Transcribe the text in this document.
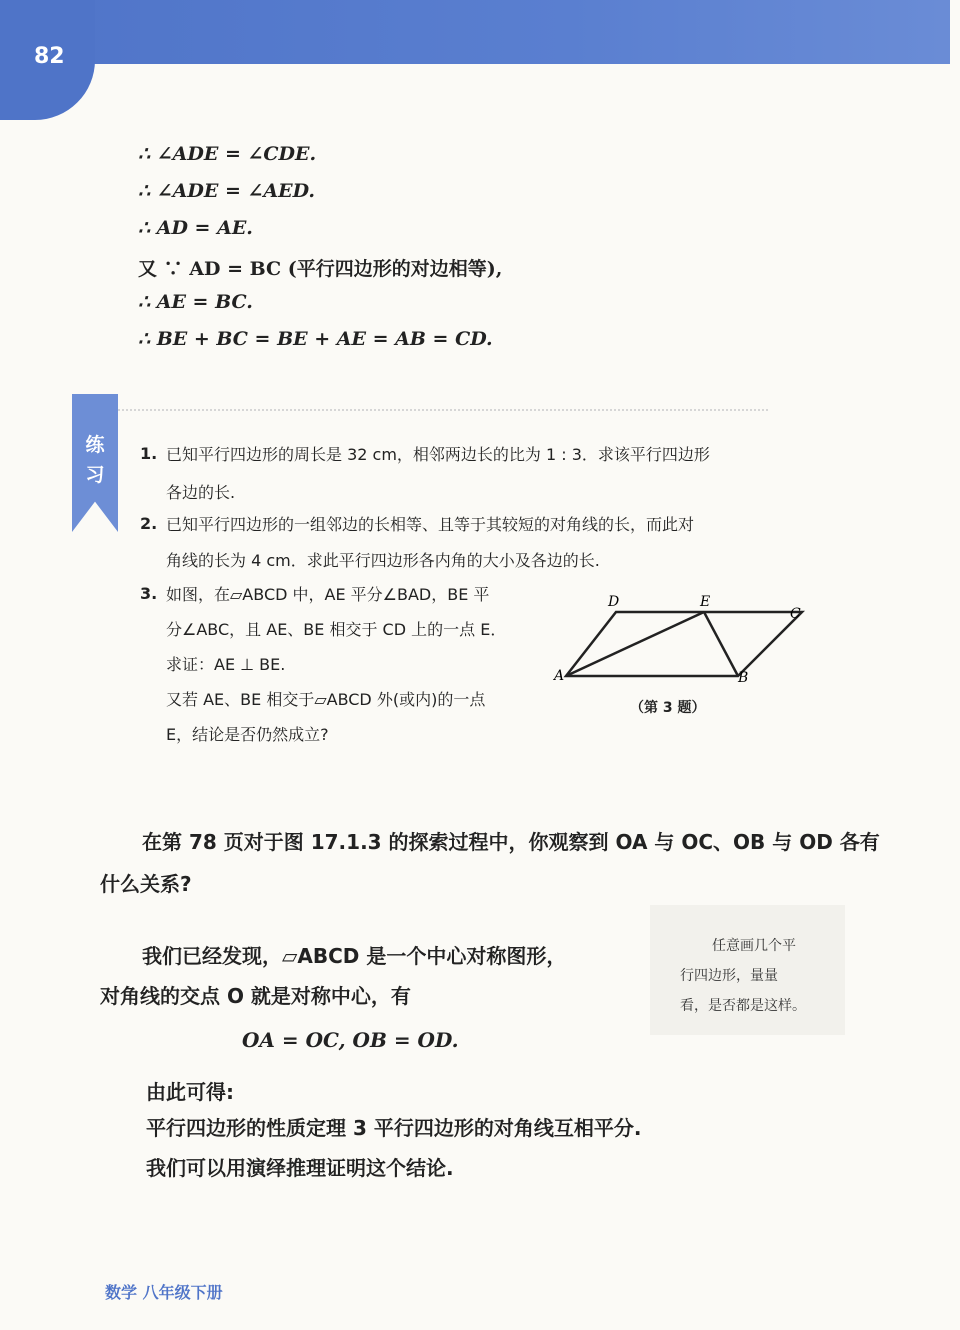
82
∴ ∠ADE = ∠CDE.
∴ ∠ADE = ∠AED.
∴ AD = AE.
又 ∵ AD = BC (平行四边形的对边相等),
∴ AE = BC.
∴ BE + BC = BE + AE = AB = CD.
练
习
1. 已知平行四边形的周长是 32 cm，相邻两边长的比为 1 : 3．求该平行四边形
各边的长.
2. 已知平行四边形的一组邻边的长相等、且等于其较短的对角线的长，而此对
角线的长为 4 cm．求此平行四边形各内角的大小及各边的长.
3. 如图，在▱ABCD 中，AE 平分∠BAD，BE 平
分∠ABC，且 AE、BE 相交于 CD 上的一点 E．
求证：AE ⊥ BE.
又若 AE、BE 相交于▱ABCD 外(或内)的一点
E，结论是否仍然成立?
D	E
C
A	B
（第 3 题）
在第 78 页对于图 17.1.3 的探索过程中，你观察到 OA 与 OC、OB 与 OD 各有
什么关系?
任意画几个平
行四边形，量量
看，是否都是这样。
我们已经发现，▱ABCD 是一个中心对称图形，
对角线的交点 O 就是对称中心，有
OA = OC, OB = OD.
由此可得:
平行四边形的性质定理 3 平行四边形的对角线互相平分.
我们可以用演绎推理证明这个结论.
数学 八年级下册
